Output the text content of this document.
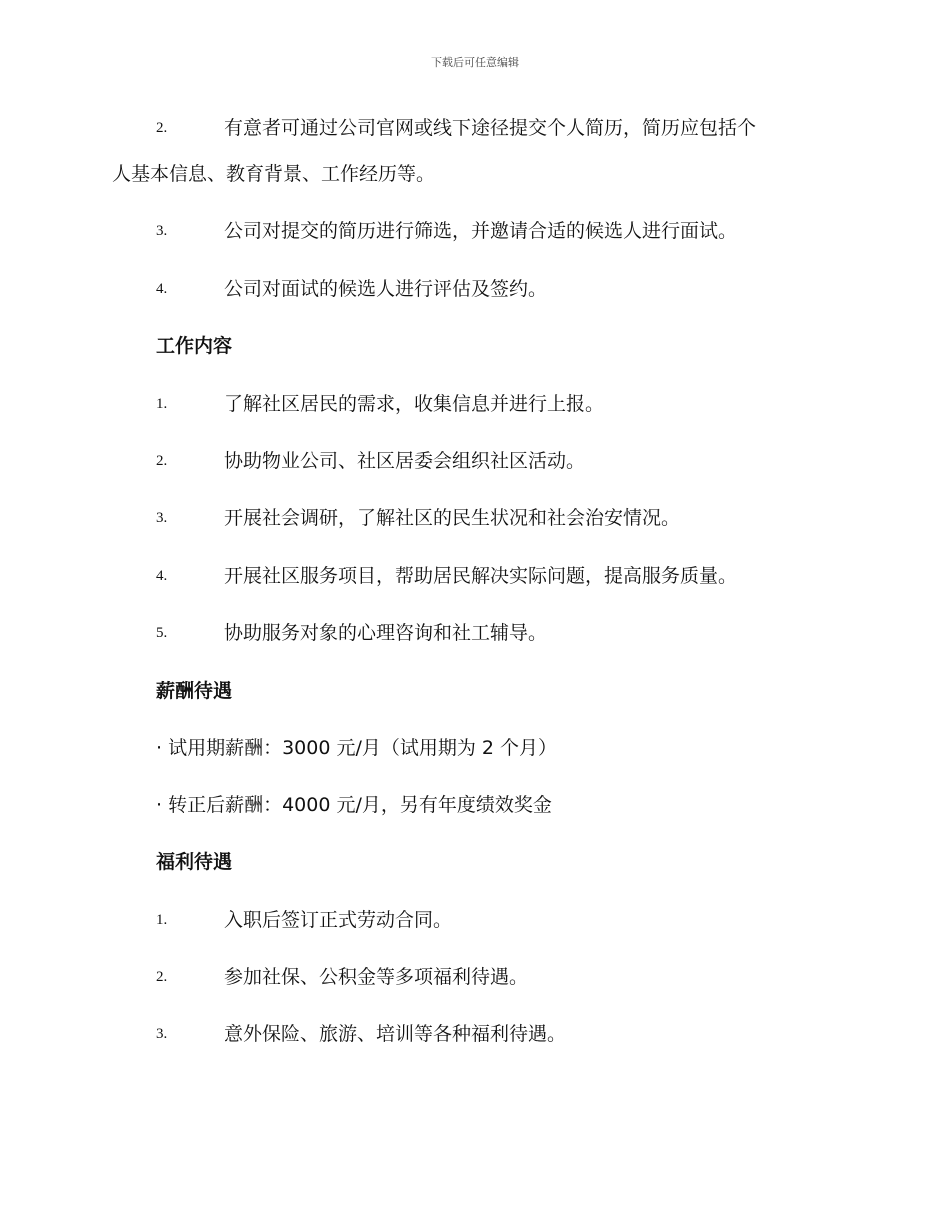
下载后可任意编辑
2.	有意者可通过公司官网或线下途径提交个人简历，简历应包括个
人基本信息、教育背景、工作经历等。
3.	公司对提交的简历进行筛选，并邀请合适的候选人进行面试。
4.	公司对面试的候选人进行评估及签约。
工作内容
1.	了解社区居民的需求，收集信息并进行上报。
2.	协助物业公司、社区居委会组织社区活动。
3.	开展社会调研，了解社区的民生状况和社会治安情况。
4.	开展社区服务项目，帮助居民解决实际问题，提高服务质量。
5.	协助服务对象的心理咨询和社工辅导。
薪酬待遇
· 试用期薪酬：3000 元/月（试用期为 2 个月）
· 转正后薪酬：4000 元/月，另有年度绩效奖金
福利待遇
1.	入职后签订正式劳动合同。
2.	参加社保、公积金等多项福利待遇。
3.	意外保险、旅游、培训等各种福利待遇。
